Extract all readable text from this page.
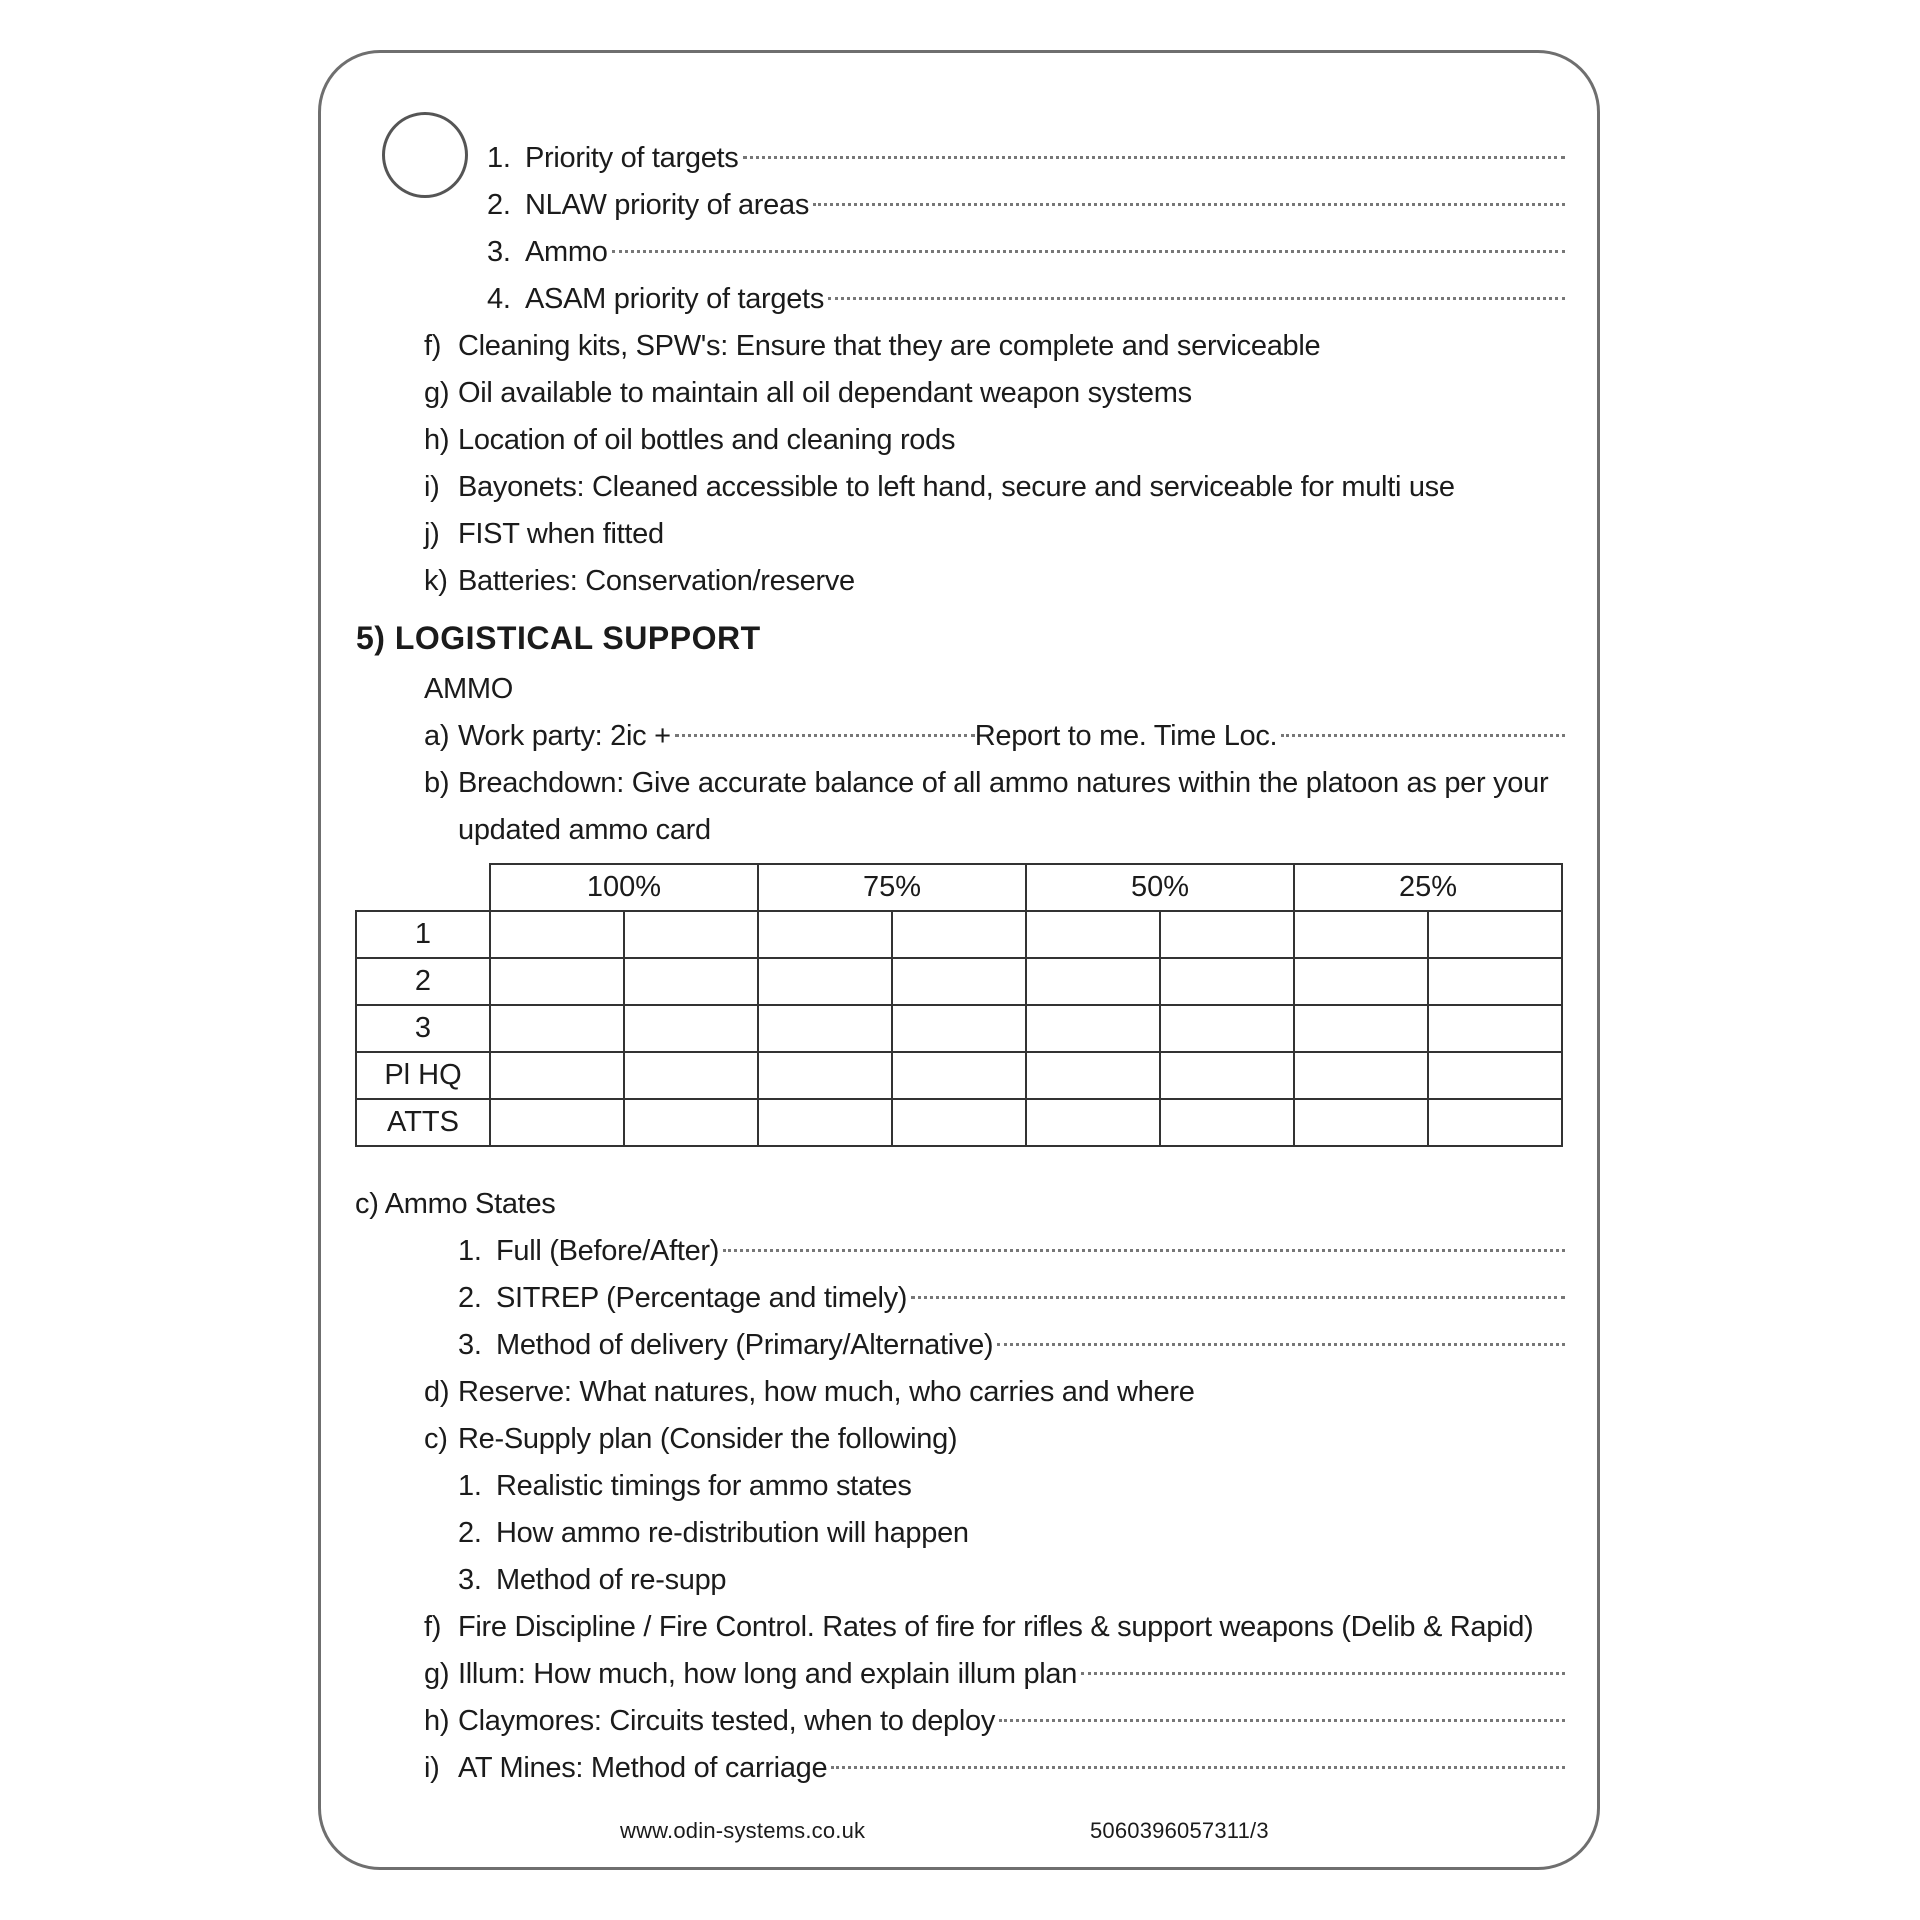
1. Priority of targets
2. NLAW priority of areas
3. Ammo
4. ASAM priority of targets
f) Cleaning kits, SPW's: Ensure that they are complete and serviceable
g) Oil available to maintain all oil dependant weapon systems
h) Location of oil bottles and cleaning rods
i) Bayonets: Cleaned accessible to left hand, secure and serviceable for multi use
j) FIST when fitted
k) Batteries: Conservation/reserve
5) LOGISTICAL SUPPORT
AMMO
a) Work party: 2ic +	Report to me. Time Loc.
b) Breachdown: Give accurate balance of all ammo natures within the platoon as per your
updated ammo card
	100%		75%		50%		25%	
1								
2								
3								
Pl HQ								
ATTS								
c) Ammo States
1. Full (Before/After)
2. SITREP (Percentage and timely)
3. Method of delivery (Primary/Alternative)
d) Reserve: What natures, how much, who carries and where
c) Re-Supply plan (Consider the following)
1. Realistic timings for ammo states
2. How ammo re-distribution will happen
3. Method of re-supp
f) Fire Discipline / Fire Control. Rates of fire for rifles & support weapons (Delib & Rapid)
g) Illum: How much, how long and explain illum plan
h) Claymores: Circuits tested, when to deploy
i) AT Mines: Method of carriage
www.odin-systems.co.uk	5060396057311/3
